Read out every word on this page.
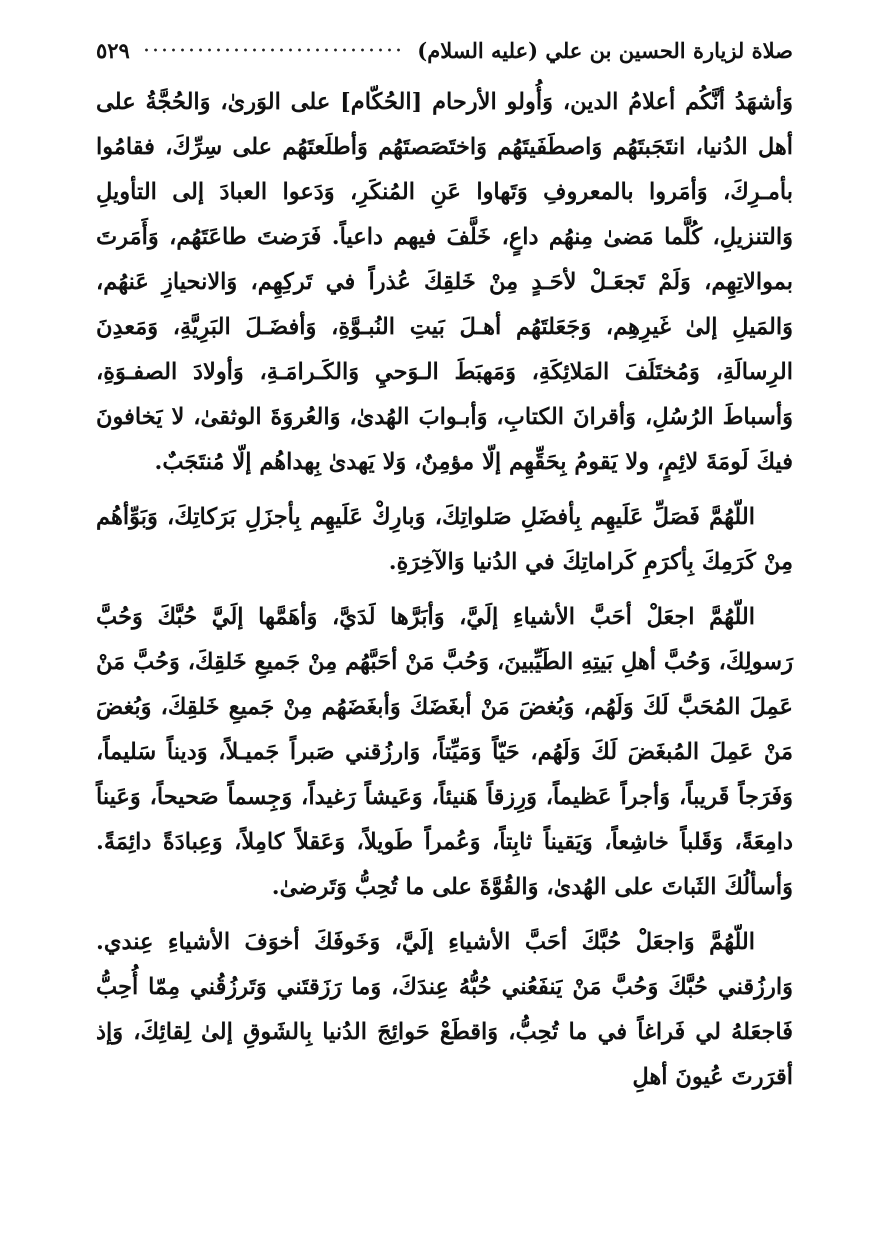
صلاة لزيارة الحسين بن علي (عليه السلام)
٥٢٩

وَأشهَدُ أنَّكُم أعلامُ الدين، وَأُولو الأرحام [الحُكّام] على الوَرىٰ، وَالحُجَّةُ على أهل الدُنيا، انتَجَبتَهُم وَاصطَفَيتَهُم وَاختَصَصتَهُم وَأطلَعتَهُم على سِرِّكَ، فقامُوا بأمـرِكَ، وَأمَروا بالمعروفِ وَتَهاوا عَنِ المُنكَرِ، وَدَعوا العبادَ إلى التأويلِ وَالتنزيلِ، كُلَّما مَضىٰ مِنهُم داعٍ، خَلَّفَ فيهم داعياً. فَرَضتَ طاعَتَهُم، وَأَمَرتَ بموالاتِهِم، وَلَمْ تَجعَـلْ لأحَـدٍ مِنْ خَلقِكَ عُذراً في تَركِهِم، وَالانحيازِ عَنهُم، وَالمَيلِ إلىٰ غَيرِهِم، وَجَعَلتَهُم أهـلَ بَيتِ النُبـوَّةِ، وَأفضَـلَ البَرِيَّةِ، وَمَعدِنَ الرِسالَةِ، وَمُختَلَفَ المَلائِكَةِ، وَمَهبَطَ الـوَحيِ وَالكَـرامَـةِ، وَأولادَ الصفـوَةِ، وَأسباطَ الرُسُلِ، وَأقرانَ الكتابِ، وَأبـوابَ الهُدىٰ، وَالعُروَةَ الوثقىٰ، لا يَخافونَ فيكَ لَومَةَ لائِمٍ، ولا يَقومُ بِحَقِّهِم إلّا مؤمِنٌ، وَلا يَهدىٰ بِهداهُم إلّا مُنتَجَبٌ.

اللّهُمَّ فَصَلِّ عَلَيهِم بِأفضَلِ صَلواتِكَ، وَبارِكْ عَلَيهِم بِأجزَلِ بَرَكاتِكَ، وَبَوِّأهُم مِنْ كَرَمِكَ بِأكرَمِ كَراماتِكَ في الدُنيا وَالآخِرَةِ.

اللّهُمَّ اجعَلْ أحَبَّ الأشياءِ إلَيَّ، وَأبَرَّها لَدَيَّ، وَأهَمَّها إلَيَّ حُبَّكَ وَحُبَّ رَسولِكَ، وَحُبَّ أهلِ بَيتِهِ الطَيِّبينَ، وَحُبَّ مَنْ أحَبَّهُم مِنْ جَميعِ خَلقِكَ، وَحُبَّ مَنْ عَمِلَ المُحَبَّ لَكَ وَلَهُم، وَبُغضَ مَنْ أبغَضَكَ وَأبغَضَهُم مِنْ جَميعِ خَلقِكَ، وَبُغضَ مَنْ عَمِلَ المُبغَضَ لَكَ وَلَهُم، حَيّاً وَمَيِّتاً، وَارزُقني صَبراً جَميـلاً، وَديناً سَليماً، وَفَرَجاً قَريباً، وَأجراً عَظيماً، وَرِزقاً هَنيئاً، وَعَيشاً رَغيداً، وَجِسماً صَحيحاً، وَعَيناً دامِعَةً، وَقَلباً خاشِعاً، وَيَقيناً ثابِتاً، وَعُمراً طَويلاً، وَعَقلاً كامِلاً، وَعِبادَةً دائِمَةً. وَأسألُكَ الثَباتَ على الهُدىٰ، وَالقُوَّةَ على ما تُحِبُّ وَتَرضىٰ.

اللّهُمَّ وَاجعَلْ حُبَّكَ أحَبَّ الأشياءِ إلَيَّ، وَخَوفَكَ أخوَفَ الأشياءِ عِندي. وَارزُقني حُبَّكَ وَحُبَّ مَنْ يَنفَعُني حُبُّهُ عِندَكَ، وَما رَزَقتَني وَتَرزُقُني مِمّا أُحِبُّ فَاجعَلهُ لي فَراغاً في ما تُحِبُّ، وَاقطَعْ حَوائِجَ الدُنيا بِالشَوقِ إلىٰ لِقائِكَ، وَإذ أقرَرتَ عُيونَ أهلِ
